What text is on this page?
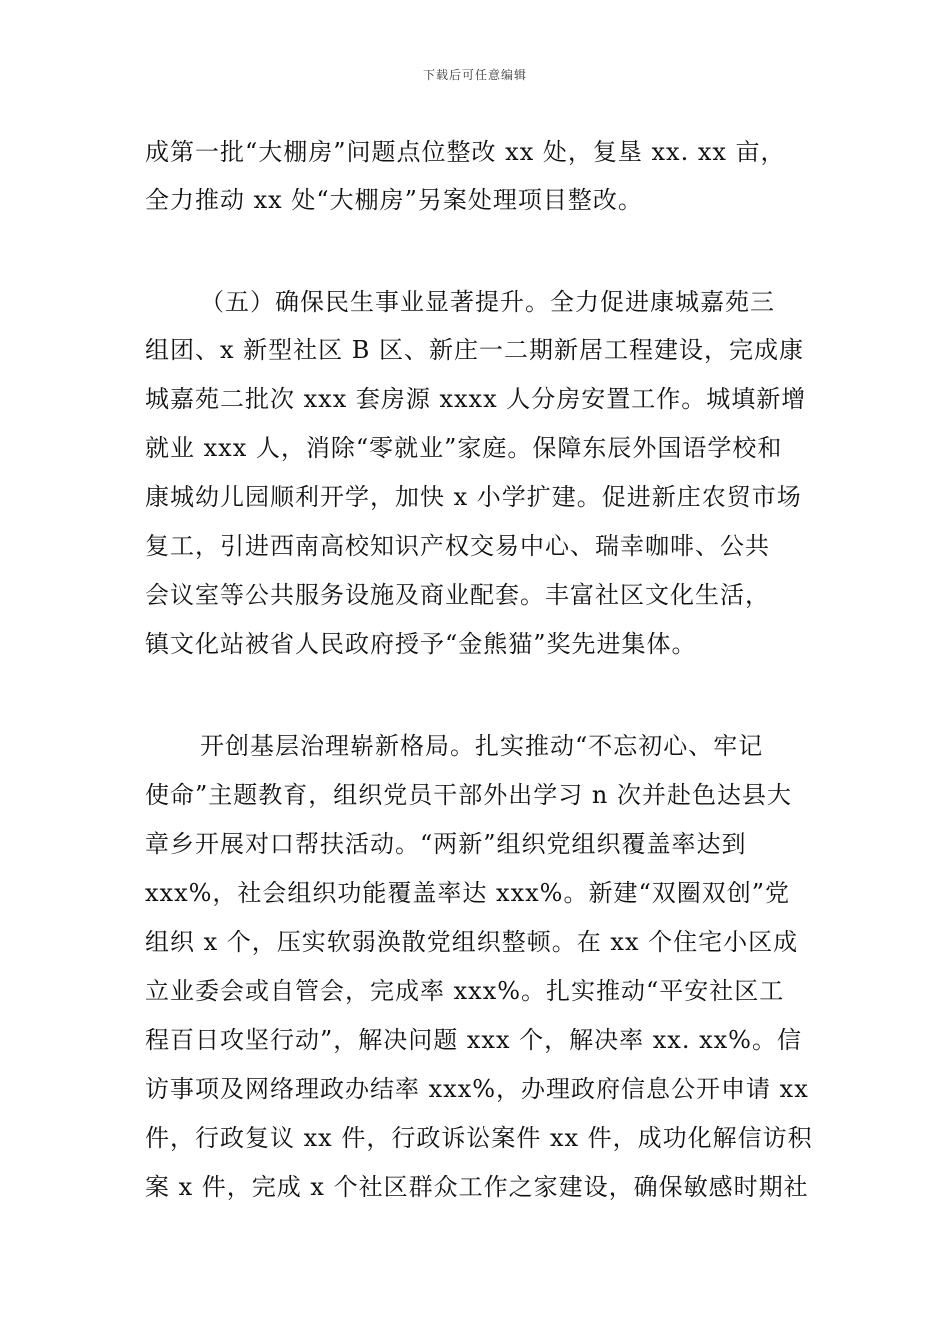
下载后可任意编辑
成第一批“大棚房”问题点位整改 xx 处，复垦 xx. xx 亩，
全力推动 xx 处“大棚房”另案处理项目整改。
（五）确保民生事业显著提升。全力促进康城嘉苑三
组团、x 新型社区 B 区、新庄一二期新居工程建设，完成康
城嘉苑二批次 xxx 套房源 xxxx 人分房安置工作。城填新增
就业 xxx 人，消除“零就业”家庭。保障东辰外国语学校和
康城幼儿园顺利开学，加快 x 小学扩建。促进新庄农贸市场
复工，引进西南高校知识产权交易中心、瑞幸咖啡、公共
会议室等公共服务设施及商业配套。丰富社区文化生活，
镇文化站被省人民政府授予“金熊猫”奖先进集体。
开创基层治理崭新格局。扎实推动“不忘初心、牢记
使命”主题教育，组织党员干部外出学习 n 次并赴色达县大
章乡开展对口帮扶活动。“两新”组织党组织覆盖率达到
xxx%，社会组织功能覆盖率达 xxx%。新建“双圈双创”党
组织 x 个，压实软弱涣散党组织整顿。在 xx 个住宅小区成
立业委会或自管会，完成率 xxx%。扎实推动“平安社区工
程百日攻坚行动”，解决问题 xxx 个，解决率 xx. xx%。信
访事项及网络理政办结率 xxx%，办理政府信息公开申请 xx
件，行政复议 xx 件，行政诉讼案件 xx 件，成功化解信访积
案 x 件，完成 x 个社区群众工作之家建设，确保敏感时期社
